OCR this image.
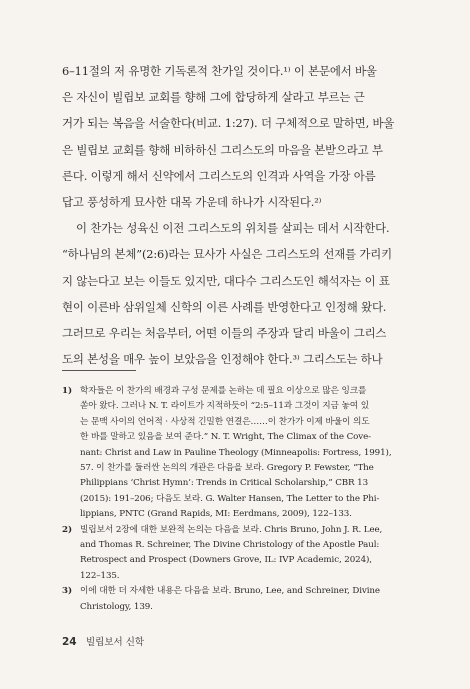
6–11절의 저 유명한 기독론적 찬가일 것이다.¹⁾ 이 본문에서 바울
은 자신이 빌립보 교회를 향해 그에 합당하게 살라고 부르는 근
거가 되는 복음을 서술한다(비교. 1:27). 더 구체적으로 말하면, 바울
은 빌립보 교회를 향해 비하하신 그리스도의 마음을 본받으라고 부
른다. 이렇게 해서 신약에서 그리스도의 인격과 사역을 가장 아름
답고 풍성하게 묘사한 대목 가운데 하나가 시작된다.²⁾

이 찬가는 성육신 이전 그리스도의 위치를 살피는 데서 시작한다.
“하나님의 본체”(2:6)라는 묘사가 사실은 그리스도의 선재를 가리키
지 않는다고 보는 이들도 있지만, 대다수 그리스도인 해석자는 이 표
현이 이른바 삼위일체 신학의 이른 사례를 반영한다고 인정해 왔다.
그러므로 우리는 처음부터, 어떤 이들의 주장과 달리 바울이 그리스
도의 본성을 매우 높이 보았음을 인정해야 한다.³⁾ 그리스도는 하나

1) 학자들은 이 찬가의 배경과 구성 문제를 논하는 데 필요 이상으로 많은 잉크를
쏟아 왔다. 그러나 N. T. 라이트가 지적하듯이 “2:5–11과 그것이 지금 놓여 있
는 문맥 사이의 언어적 · 사상적 긴밀한 연결은……이 찬가가 이제 바울이 의도
한 바를 말하고 있음을 보여 준다.” N. T. Wright, The Climax of the Cove-
nant: Christ and Law in Pauline Theology (Minneapolis: Fortress, 1991),
57. 이 찬가를 둘러싼 논의의 개관은 다음을 보라. Gregory P. Fewster, “The
Philippians ‘Christ Hymn’: Trends in Critical Scholarship,” CBR 13
(2015): 191–206; 다음도 보라. G. Walter Hansen, The Letter to the Phi-
lippians, PNTC (Grand Rapids, MI: Eerdmans, 2009), 122–133.
2) 빌립보서 2장에 대한 보완적 논의는 다음을 보라. Chris Bruno, John J. R. Lee,
and Thomas R. Schreiner, The Divine Christology of the Apostle Paul:
Retrospect and Prospect (Downers Grove, IL: IVP Academic, 2024),
122–135.
3) 이에 대한 더 자세한 내용은 다음을 보라. Bruno, Lee, and Schreiner, Divine
Christology, 139.
24 빌립보서 신학
